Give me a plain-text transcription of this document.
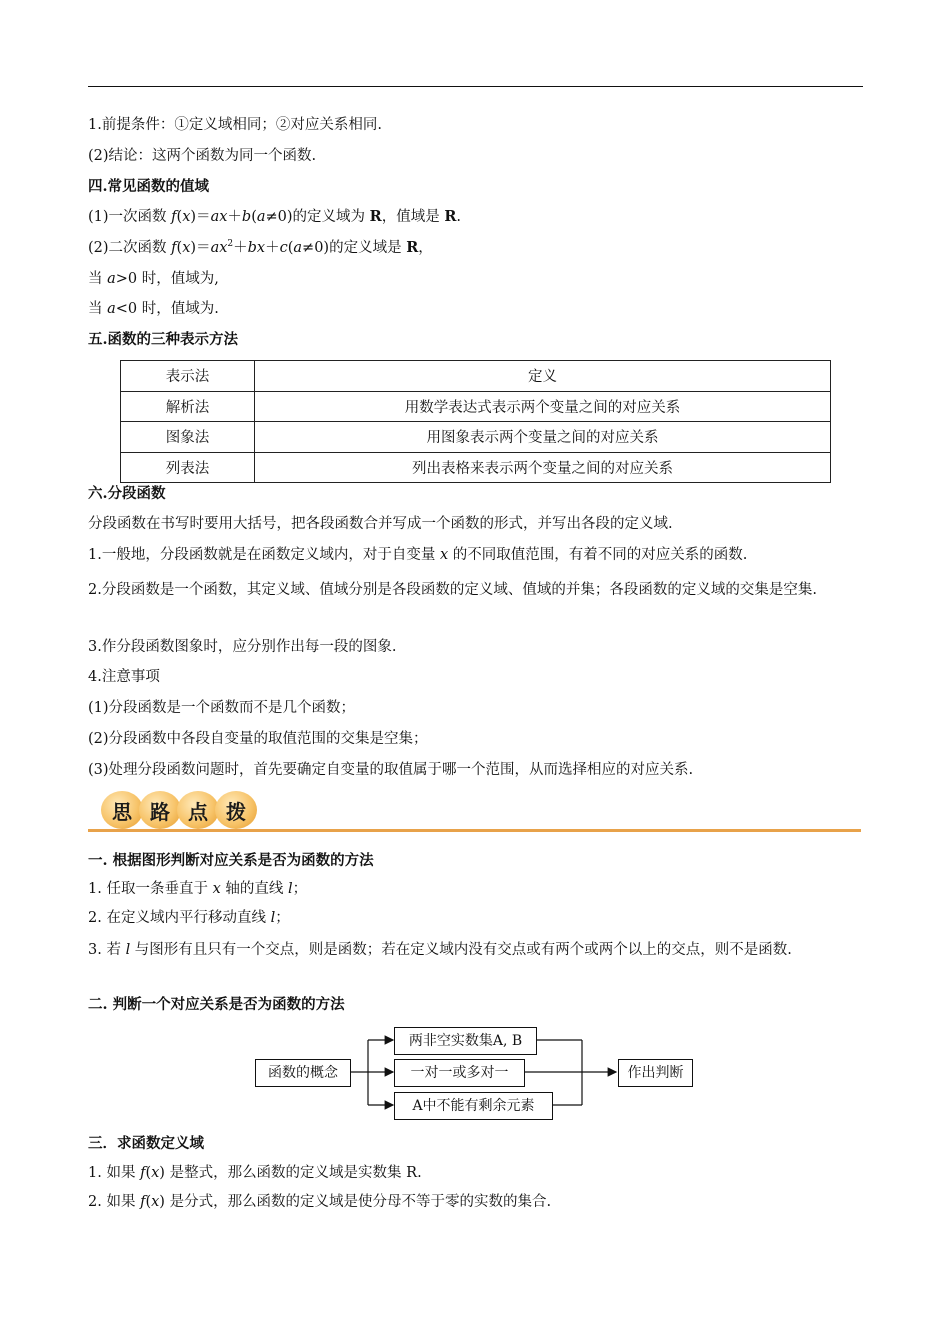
1.前提条件：①定义域相同；②对应关系相同.
(2)结论：这两个函数为同一个函数.
四.常见函数的值域
(1)一次函数 f(x)＝ax＋b(a≠0)的定义域为 R，值域是 R.
(2)二次函数 $f(x)=ax^2+bx+c(a\ne 0)$的定义域是 R，
当 a>0 时，值域为,
当 a<0 时，值域为.
五.函数的三种表示方法
表示法	定义
解析法	用数学表达式表示两个变量之间的对应关系
图象法	用图象表示两个变量之间的对应关系
列表法	列出表格来表示两个变量之间的对应关系
六.分段函数
分段函数在书写时要用大括号，把各段函数合并写成一个函数的形式，并写出各段的定义域.
1.一般地，分段函数就是在函数定义域内，对于自变量 x 的不同取值范围，有着不同的对应关系的函数.
2.分段函数是一个函数，其定义域、值域分别是各段函数的定义域、值域的并集；各段函数的定义域的交集是空集.
3.作分段函数图象时，应分别作出每一段的图象.
4.注意事项
(1)分段函数是一个函数而不是几个函数；
(2)分段函数中各段自变量的取值范围的交集是空集；
(3)处理分段函数问题时，首先要确定自变量的取值属于哪一个范围，从而选择相应的对应关系.
思 路 点 拨
一. 根据图形判断对应关系是否为函数的方法
1. 任取一条垂直于 x 轴的直线 l；
2. 在定义域内平行移动直线 l；
3. 若 l 与图形有且只有一个交点，则是函数；若在定义域内没有交点或有两个或两个以上的交点，则不是函数.
二. 判断一个对应关系是否为函数的方法
函数的概念
两非空实数集A, B
一对一或多对一
A中不能有剩余元素
作出判断
三．求函数定义域
1. 如果 f(x) 是整式，那么函数的定义域是实数集 R.
2. 如果 f(x) 是分式，那么函数的定义域是使分母不等于零的实数的集合.
